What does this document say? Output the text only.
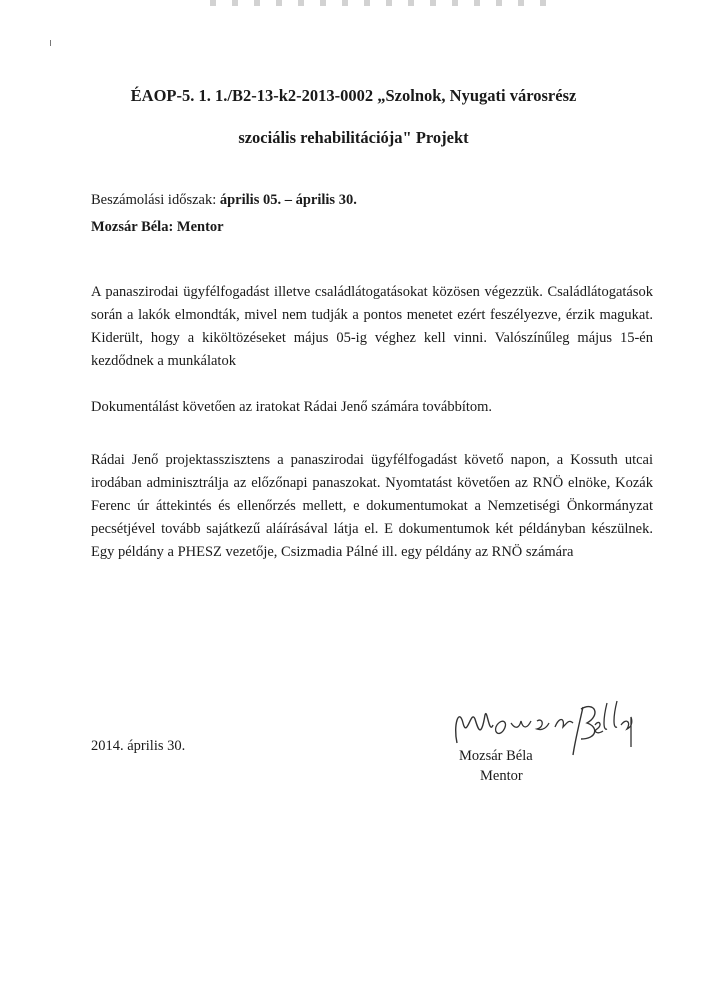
ÉAOP-5. 1. 1./B2-13-k2-2013-0002 „Szolnok, Nyugati városrész
szociális rehabilitációja" Projekt
Beszámolási időszak: április 05. – április 30.
Mozsár Béla: Mentor
A panaszirodai ügyfélfogadást illetve családlátogatásokat közösen végezzük. Családlátogatások során a lakók elmondták, mivel nem tudják a pontos menetet ezért feszélyezve, érzik magukat. Kiderült, hogy a kiköltözéseket május 05-ig véghez kell vinni. Valószínűleg május 15-én kezdődnek a munkálatok
Dokumentálást követően az iratokat Rádai Jenő számára továbbítom.
Rádai Jenő projektasszisztens a panaszirodai ügyfélfogadást követő napon, a Kossuth utcai irodában adminisztrálja az előzőnapi panaszokat. Nyomtatást követően az RNÖ elnöke, Kozák Ferenc úr áttekintés és ellenőrzés mellett, e dokumentumokat a Nemzetiségi Önkormányzat pecsétjével tovább sajátkezű aláírásával látja el. E dokumentumok két példányban készülnek. Egy példány a PHESZ vezetője, Csizmadia Pálné ill. egy példány az RNÖ számára
2014. április 30.
Mozsár Béla
Mentor
